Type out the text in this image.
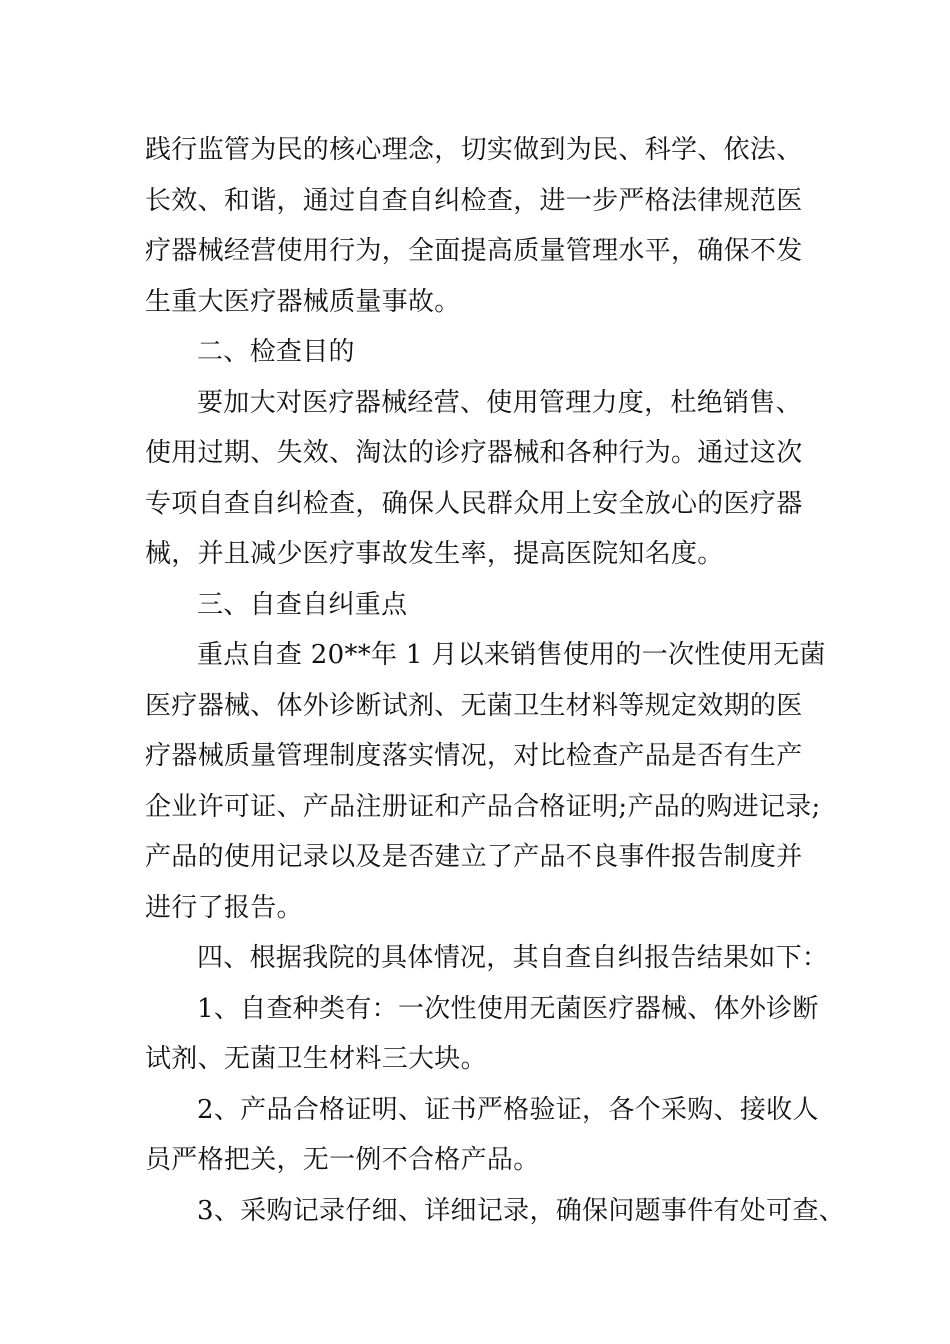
践行监管为民的核心理念，切实做到为民、科学、依法、
长效、和谐，通过自查自纠检查，进一步严格法律规范医
疗器械经营使用行为，全面提高质量管理水平，确保不发
生重大医疗器械质量事故。
二、检查目的
要加大对医疗器械经营、使用管理力度，杜绝销售、
使用过期、失效、淘汰的诊疗器械和各种行为。通过这次
专项自查自纠检查，确保人民群众用上安全放心的医疗器
械，并且减少医疗事故发生率，提高医院知名度。
三、自查自纠重点
重点自查 20**年 1 月以来销售使用的一次性使用无菌
医疗器械、体外诊断试剂、无菌卫生材料等规定效期的医
疗器械质量管理制度落实情况，对比检查产品是否有生产
企业许可证、产品注册证和产品合格证明;产品的购进记录;
产品的使用记录以及是否建立了产品不良事件报告制度并
进行了报告。
四、根据我院的具体情况，其自查自纠报告结果如下：
1、自查种类有：一次性使用无菌医疗器械、体外诊断
试剂、无菌卫生材料三大块。
2、产品合格证明、证书严格验证，各个采购、接收人
员严格把关，无一例不合格产品。
3、采购记录仔细、详细记录，确保问题事件有处可查、
